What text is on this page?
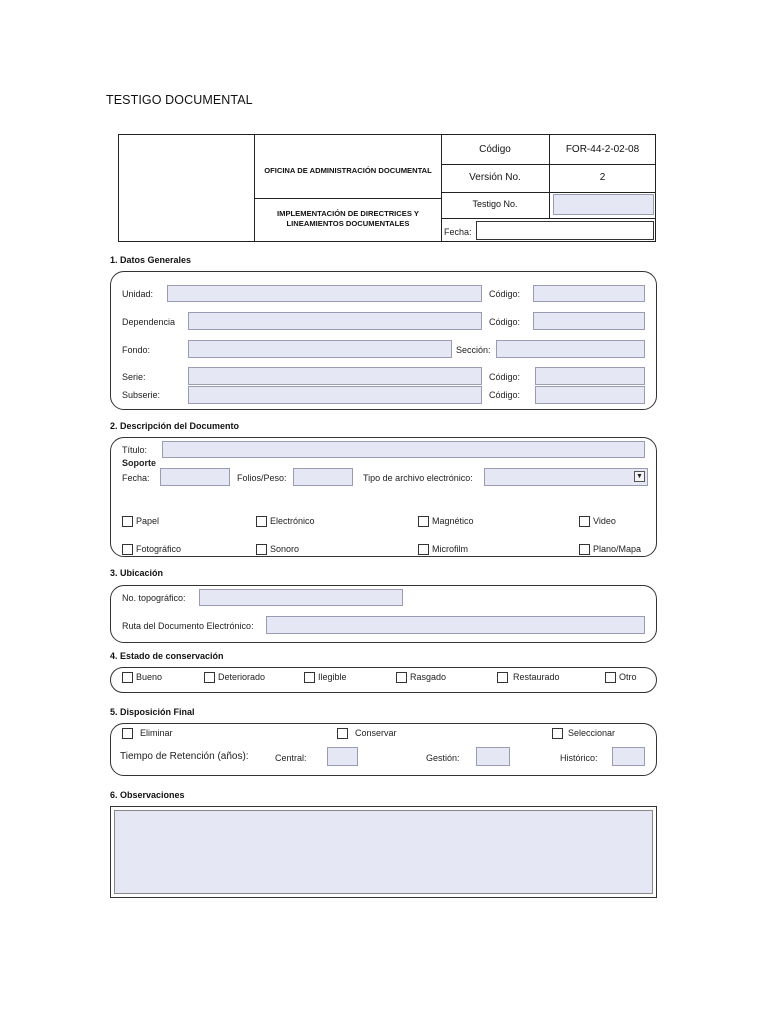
TESTIGO DOCUMENTAL
OFICINA DE ADMINISTRACIÓN DOCUMENTAL
IMPLEMENTACIÓN DE DIRECTRICES Y
LINEAMIENTOS DOCUMENTALES
Código	FOR-44-2-02-08
Versión No.	2
Testigo No.
Fecha:
1. Datos Generales
Unidad:	Código:
Dependencia	Código:
Fondo:	Sección:
Serie:	Código:
Subserie:	Código:
2. Descripción del Documento
Título:
Soporte
Fecha:	Folios/Peso:	Tipo de archivo electrónico:	▼
Papel	Electrónico	Magnético	Video
Fotográfico	Sonoro	Microfilm	Plano/Mapa
3. Ubicación
No. topográfico:
Ruta del Documento Electrónico:
4. Estado de conservación
Bueno	Deteriorado	Ilegible	Rasgado	Restaurado	Otro
5. Disposición Final
Eliminar	Conservar	Seleccionar
Tiempo de Retención (años):	Central:	Gestión:	Histórico:
6. Observaciones
